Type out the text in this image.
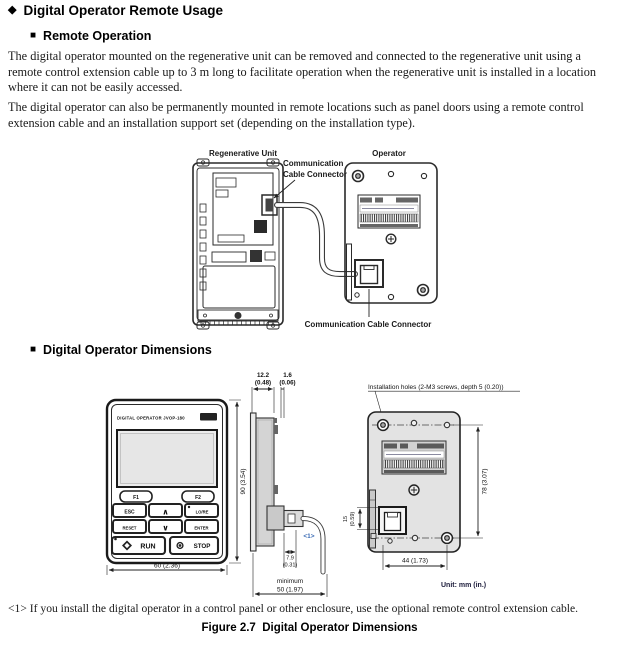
◆ Digital Operator Remote Usage
■ Remote Operation
The digital operator mounted on the regenerative unit can be removed and connected to the regenerative unit using a
remote control extension cable up to 3 m long to facilitate operation when the regenerative unit is installed in a location
where it can not be easily accessed.
The digital operator can also be permanently mounted in remote locations such as panel doors using a remote control
extension cable and an installation support set (depending on the installation type).
Regenerative Unit	Operator
Communication
Cable Connector
Communication Cable Connector
■ Digital Operator Dimensions
DIGITAL OPERATOR JVOP-180
F1	F2
ESC	∧	LO/RE
RESET	∨	ENTER
RUN	STOP
60 (2.36)
90 (3.54)
12.2
(0.48)
1.6
(0.06)
<1>
7.9
(0.31)
minimum
50 (1.97)
Installation holes (2-M3 screws, depth 5 (0.20))
15 (0.59)
78 (3.07)
44 (1.73)
Unit: mm (in.)
<1> If you install the digital operator in a control panel or other enclosure, use the optional remote control extension cable.
Figure 2.7  Digital Operator Dimensions
